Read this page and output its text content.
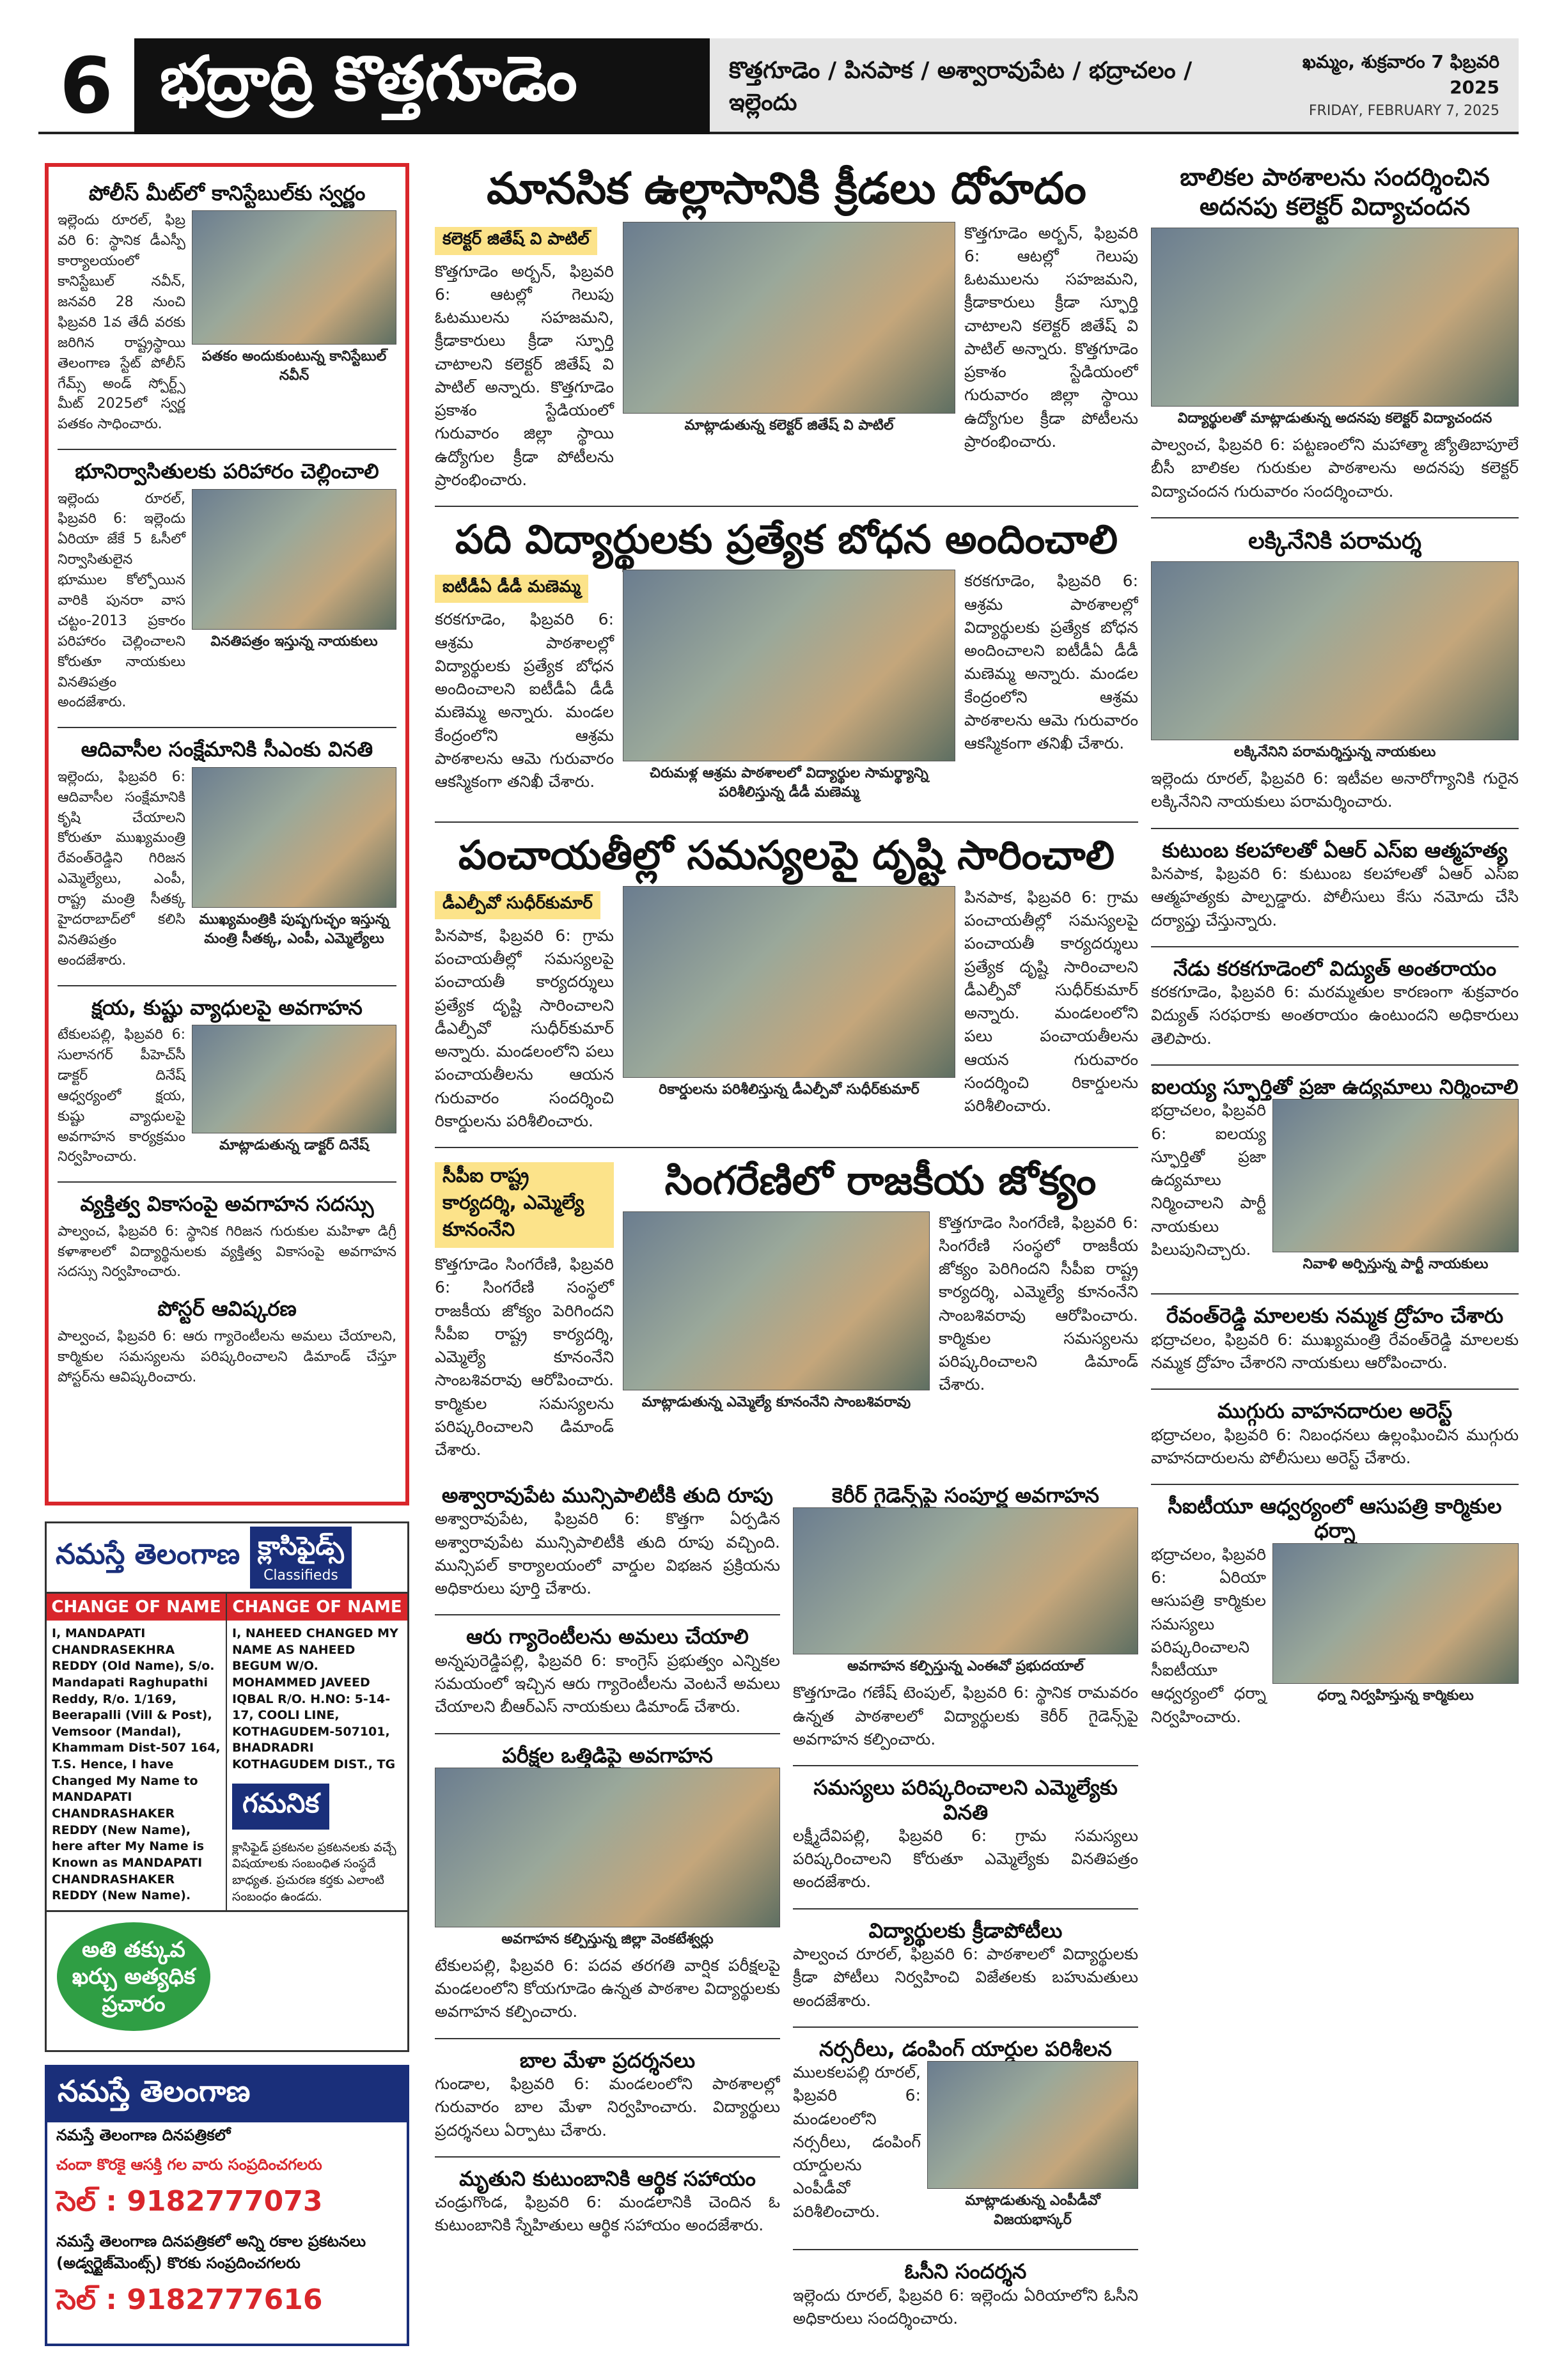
6 భద్రాద్రి కొత్తగూడెం	కొత్తగూడెం / పినపాక / అశ్వారావుపేట / భద్రాచలం / ఇల్లెందు
ఖమ్మం, శుక్రవారం 7 ఫిబ్రవరి 2025
FRIDAY, FEBRUARY 7, 2025
పోలీస్ మీట్‌లో కానిస్టేబుల్‌కు స్వర్ణం
ఇల్లెందు రూరల్, ఫిబ్ర వరి 6: స్థానిక డీఎస్పీ కార్యాలయంలో కానిస్టేబుల్ నవీన్, జనవరి 28 నుంచి ఫిబ్రవరి 1వ తేదీ వరకు జరిగిన రాష్ట్రస్థాయి తెలంగాణ స్టేట్ పోలీస్ గేమ్స్ అండ్ స్పోర్ట్స్ మీట్ 2025లో స్వర్ణ పతకం సాధించారు.
పతకం అందుకుంటున్న కానిస్టేబుల్ నవీన్
భూనిర్వాసితులకు పరిహారం చెల్లించాలి
ఇల్లెందు రూరల్, ఫిబ్రవరి 6: ఇల్లెందు ఏరియా జేకే 5 ఓసీలో నిర్వాసితులైన భూముల కోల్పోయిన వారికి పునరా వాస చట్టం-2013 ప్రకారం పరిహారం చెల్లించాలని కోరుతూ నాయకులు వినతిపత్రం అందజేశారు.
వినతిపత్రం ఇస్తున్న నాయకులు
ఆదివాసీల సంక్షేమానికి సీఎంకు వినతి
ఇల్లెందు, ఫిబ్రవరి 6: ఆదివాసీల సంక్షేమానికి కృషి చేయాలని కోరుతూ ముఖ్యమంత్రి రేవంత్‌రెడ్డిని గిరిజన ఎమ్మెల్యేలు, ఎంపీ, రాష్ట్ర మంత్రి సీతక్క హైదరాబాద్‌లో కలిసి వినతిపత్రం అందజేశారు.
ముఖ్యమంత్రికి పుష్పగుచ్ఛం ఇస్తున్న మంత్రి సీతక్క, ఎంపీ, ఎమ్మెల్యేలు
క్షయ, కుష్టు వ్యాధులపై అవగాహన
టేకులపల్లి, ఫిబ్రవరి 6: సులానగర్ పీహెచ్‌సీ డాక్టర్ దినేష్ ఆధ్వర్యంలో క్షయ, కుష్టు వ్యాధులపై అవగాహన కార్యక్రమం నిర్వహించారు.
మాట్లాడుతున్న డాక్టర్ దినేష్
వ్యక్తిత్వ వికాసంపై అవగాహన సదస్సు
పాల్వంచ, ఫిబ్రవరి 6: స్థానిక గిరిజన గురుకుల మహిళా డిగ్రీ కళాశాలలో విద్యార్థినులకు వ్యక్తిత్వ వికాసంపై అవగాహన సదస్సు నిర్వహించారు.
పోస్టర్ ఆవిష్కరణ
పాల్వంచ, ఫిబ్రవరి 6: ఆరు గ్యారెంటీలను అమలు చేయాలని, కార్మికుల సమస్యలను పరిష్కరించాలని డిమాండ్ చేస్తూ పోస్టర్‌ను ఆవిష్కరించారు.
నమస్తే తెలంగాణ క్లాసిఫైడ్స్
Classifieds
CHANGE OF NAME
I, MANDAPATI CHANDRASEKHRA REDDY (Old Name), S/o. Mandapati Raghupathi Reddy, R/o. 1/169, Beerapalli (Vill & Post), Vemsoor (Mandal), Khammam Dist-507 164, T.S. Hence, I have Changed My Name to MANDAPATI CHANDRASHAKER REDDY (New Name), here after My Name is Known as MANDAPATI CHANDRASHAKER REDDY (New Name).
CHANGE OF NAME
I, NAHEED CHANGED MY NAME AS NAHEED BEGUM W/O. MOHAMMED JAVEED IQBAL R/O. H.NO: 5-14-17, COOLI LINE, KOTHAGUDEM-507101, BHADRADRI KOTHAGUDEM DIST., TG
గమనిక
క్లాసిఫైడ్ ప్రకటనల ప్రకటనలకు వచ్చే విషయాలకు సంబంధిత సంస్థదే బాధ్యత. ప్రచురణ కర్తకు ఎలాంటి సంబంధం ఉండదు.
అతి తక్కువ ఖర్చు అత్యధిక ప్రచారం
నమస్తే తెలంగాణ
నమస్తే తెలంగాణ దినపత్రికలో
చందా కొరకై ఆసక్తి గల వారు సంప్రదించగలరు
సెల్ : 9182777073
నమస్తే తెలంగాణ దినపత్రికలో అన్ని రకాల ప్రకటనలు (అడ్వర్టైజ్‌మెంట్స్) కొరకు సంప్రదించగలరు
సెల్ : 9182777616
మానసిక ఉల్లాసానికి క్రీడలు దోహదం
కలెక్టర్ జితేష్ వి పాటిల్
కొత్తగూడెం అర్బన్, ఫిబ్రవరి 6: ఆటల్లో గెలుపు ఓటములను సహజమని, క్రీడాకారులు క్రీడా స్ఫూర్తి చాటాలని కలెక్టర్ జితేష్ వి పాటిల్ అన్నారు. కొత్తగూడెం ప్రకాశం స్టేడియంలో గురువారం జిల్లా స్థాయి ఉద్యోగుల క్రీడా పోటీలను ప్రారంభించారు.
మాట్లాడుతున్న కలెక్టర్ జితేష్ వి పాటిల్
కొత్తగూడెం అర్బన్, ఫిబ్రవరి 6: ఆటల్లో గెలుపు ఓటములను సహజమని, క్రీడాకారులు క్రీడా స్ఫూర్తి చాటాలని కలెక్టర్ జితేష్ వి పాటిల్ అన్నారు. కొత్తగూడెం ప్రకాశం స్టేడియంలో గురువారం జిల్లా స్థాయి ఉద్యోగుల క్రీడా పోటీలను ప్రారంభించారు.
పది విద్యార్థులకు ప్రత్యేక బోధన అందించాలి
ఐటీడీఏ డీడీ మణెమ్మ
కరకగూడెం, ఫిబ్రవరి 6: ఆశ్రమ పాఠశాలల్లో విద్యార్థులకు ప్రత్యేక బోధన అందించాలని ఐటీడీఏ డీడీ మణెమ్మ అన్నారు. మండల కేంద్రంలోని ఆశ్రమ పాఠశాలను ఆమె గురువారం ఆకస్మికంగా తనిఖీ చేశారు.	చిరుమళ్ల ఆశ్రమ పాఠశాలలో విద్యార్థుల సామర్థ్యాన్ని పరిశీలిస్తున్న డీడీ మణెమ్మ
కరకగూడెం, ఫిబ్రవరి 6: ఆశ్రమ పాఠశాలల్లో విద్యార్థులకు ప్రత్యేక బోధన అందించాలని ఐటీడీఏ డీడీ మణెమ్మ అన్నారు. మండల కేంద్రంలోని ఆశ్రమ పాఠశాలను ఆమె గురువారం ఆకస్మికంగా తనిఖీ చేశారు.
పంచాయతీల్లో సమస్యలపై దృష్టి సారించాలి
డీఎల్పీవో సుధీర్‌కుమార్
పినపాక, ఫిబ్రవరి 6: గ్రామ పంచాయతీల్లో సమస్యలపై పంచాయతీ కార్యదర్శులు ప్రత్యేక దృష్టి సారించాలని డీఎల్పీవో సుధీర్‌కుమార్ అన్నారు. మండలంలోని పలు పంచాయతీలను ఆయన గురువారం సందర్శించి రికార్డులను పరిశీలించారు.
రికార్డులను పరిశీలిస్తున్న డీఎల్పీవో సుధీర్‌కుమార్
పినపాక, ఫిబ్రవరి 6: గ్రామ పంచాయతీల్లో సమస్యలపై పంచాయతీ కార్యదర్శులు ప్రత్యేక దృష్టి సారించాలని డీఎల్పీవో సుధీర్‌కుమార్ అన్నారు. మండలంలోని పలు పంచాయతీలను ఆయన గురువారం సందర్శించి రికార్డులను పరిశీలించారు.
సీపీఐ రాష్ట్ర కార్యదర్శి, ఎమ్మెల్యే కూనంనేని
కొత్తగూడెం సింగరేణి, ఫిబ్రవరి 6: సింగరేణి సంస్థలో రాజకీయ జోక్యం పెరిగిందని సీపీఐ రాష్ట్ర కార్యదర్శి, ఎమ్మెల్యే కూనంనేని సాంబశివరావు ఆరోపించారు. కార్మికుల సమస్యలను పరిష్కరించాలని డిమాండ్ చేశారు.
సింగరేణిలో రాజకీయ జోక్యం
మాట్లాడుతున్న ఎమ్మెల్యే కూనంనేని సాంబశివరావు
కొత్తగూడెం సింగరేణి, ఫిబ్రవరి 6: సింగరేణి సంస్థలో రాజకీయ జోక్యం పెరిగిందని సీపీఐ రాష్ట్ర కార్యదర్శి, ఎమ్మెల్యే కూనంనేని సాంబశివరావు ఆరోపించారు. కార్మికుల సమస్యలను పరిష్కరించాలని డిమాండ్ చేశారు.
అశ్వారావుపేట మున్సిపాలిటీకి తుది రూపు
అశ్వారావుపేట, ఫిబ్రవరి 6: కొత్తగా ఏర్పడిన అశ్వారావుపేట మున్సిపాలిటీకి తుది రూపు వచ్చింది. మున్సిపల్ కార్యాలయంలో వార్డుల విభజన ప్రక్రియను అధికారులు పూర్తి చేశారు.
ఆరు గ్యారెంటీలను అమలు చేయాలి
అన్నపురెడ్డిపల్లి, ఫిబ్రవరి 6: కాంగ్రెస్ ప్రభుత్వం ఎన్నికల సమయంలో ఇచ్చిన ఆరు గ్యారెంటీలను వెంటనే అమలు చేయాలని బీఆర్ఎస్ నాయకులు డిమాండ్ చేశారు.
పరీక్షల ఒత్తిడిపై అవగాహన
అవగాహన కల్పిస్తున్న జిల్లా వెంకటేశ్వర్లు
టేకులపల్లి, ఫిబ్రవరి 6: పదవ తరగతి వార్షిక పరీక్షలపై మండలంలోని కోయగూడెం ఉన్నత పాఠశాల విద్యార్థులకు అవగాహన కల్పించారు.
బాల మేళా ప్రదర్శనలు
గుండాల, ఫిబ్రవరి 6: మండలంలోని పాఠశాలల్లో గురువారం బాల మేళా నిర్వహించారు. విద్యార్థులు ప్రదర్శనలు ఏర్పాటు చేశారు.
మృతుని కుటుంబానికి ఆర్థిక సహాయం
చండ్రుగొండ, ఫిబ్రవరి 6: మండలానికి చెందిన ఓ కుటుంబానికి స్నేహితులు ఆర్థిక సహాయం అందజేశారు.
కెరీర్ గైడెన్స్‌పై సంపూర్ణ అవగాహన
అవగాహన కల్పిస్తున్న ఎంఈవో ప్రభుదయాల్
కొత్తగూడెం గణేష్ టెంపుల్, ఫిబ్రవరి 6: స్థానిక రామవరం ఉన్నత పాఠశాలలో విద్యార్థులకు కెరీర్ గైడెన్స్‌పై అవగాహన కల్పించారు.
సమస్యలు పరిష్కరించాలని ఎమ్మెల్యేకు వినతి
లక్ష్మీదేవిపల్లి, ఫిబ్రవరి 6: గ్రామ సమస్యలు పరిష్కరించాలని కోరుతూ ఎమ్మెల్యేకు వినతిపత్రం అందజేశారు.
విద్యార్థులకు క్రీడాపోటీలు
పాల్వంచ రూరల్, ఫిబ్రవరి 6: పాఠశాలలో విద్యార్థులకు క్రీడా పోటీలు నిర్వహించి విజేతలకు బహుమతులు అందజేశారు.
నర్సరీలు, డంపింగ్ యార్డుల పరిశీలన
ములకలపల్లి రూరల్, ఫిబ్రవరి 6: మండలంలోని నర్సరీలు, డంపింగ్ యార్డులను ఎంపీడీవో పరిశీలించారు.
మాట్లాడుతున్న ఎంపీడీవో విజయభాస్కర్
ఓసీని సందర్శన
ఇల్లెందు రూరల్, ఫిబ్రవరి 6: ఇల్లెందు ఏరియాలోని ఓసీని అధికారులు సందర్శించారు.
బాలికల పాఠశాలను సందర్శించిన అదనపు కలెక్టర్ విద్యాచందన
విద్యార్థులతో మాట్లాడుతున్న అదనపు కలెక్టర్ విద్యాచందన
పాల్వంచ, ఫిబ్రవరి 6: పట్టణంలోని మహాత్మా జ్యోతిబాపూలే బీసీ బాలికల గురుకుల పాఠశాలను అదనపు కలెక్టర్ విద్యాచందన గురువారం సందర్శించారు.
లక్కినేనికి పరామర్శ
లక్కినేనిని పరామర్శిస్తున్న నాయకులు
ఇల్లెందు రూరల్, ఫిబ్రవరి 6: ఇటీవల అనారోగ్యానికి గురైన లక్కినేనిని నాయకులు పరామర్శించారు.
కుటుంబ కలహాలతో ఏఆర్ ఎస్ఐ ఆత్మహత్య
పినపాక, ఫిబ్రవరి 6: కుటుంబ కలహాలతో ఏఆర్ ఎస్ఐ ఆత్మహత్యకు పాల్పడ్డారు. పోలీసులు కేసు నమోదు చేసి దర్యాప్తు చేస్తున్నారు.
నేడు కరకగూడెంలో విద్యుత్ అంతరాయం
కరకగూడెం, ఫిబ్రవరి 6: మరమ్మతుల కారణంగా శుక్రవారం విద్యుత్ సరఫరాకు అంతరాయం ఉంటుందని అధికారులు తెలిపారు.
ఐలయ్య స్ఫూర్తితో ప్రజా ఉద్యమాలు నిర్మించాలి
భద్రాచలం, ఫిబ్రవరి 6: ఐలయ్య స్ఫూర్తితో ప్రజా ఉద్యమాలు నిర్మించాలని పార్టీ నాయకులు పిలుపునిచ్చారు.
నివాళి అర్పిస్తున్న పార్టీ నాయకులు
రేవంత్‌రెడ్డి మాలలకు నమ్మక ద్రోహం చేశారు
భద్రాచలం, ఫిబ్రవరి 6: ముఖ్యమంత్రి రేవంత్‌రెడ్డి మాలలకు నమ్మక ద్రోహం చేశారని నాయకులు ఆరోపించారు.
ముగ్గురు వాహనదారుల అరెస్ట్
భద్రాచలం, ఫిబ్రవరి 6: నిబంధనలు ఉల్లంఘించిన ముగ్గురు వాహనదారులను పోలీసులు అరెస్ట్ చేశారు.
సీఐటీయూ ఆధ్వర్యంలో ఆసుపత్రి కార్మికుల ధర్నా
భద్రాచలం, ఫిబ్రవరి 6: ఏరియా ఆసుపత్రి కార్మికుల సమస్యలు పరిష్కరించాలని సీఐటీయూ ఆధ్వర్యంలో ధర్నా నిర్వహించారు.
ధర్నా నిర్వహిస్తున్న కార్మికులు
